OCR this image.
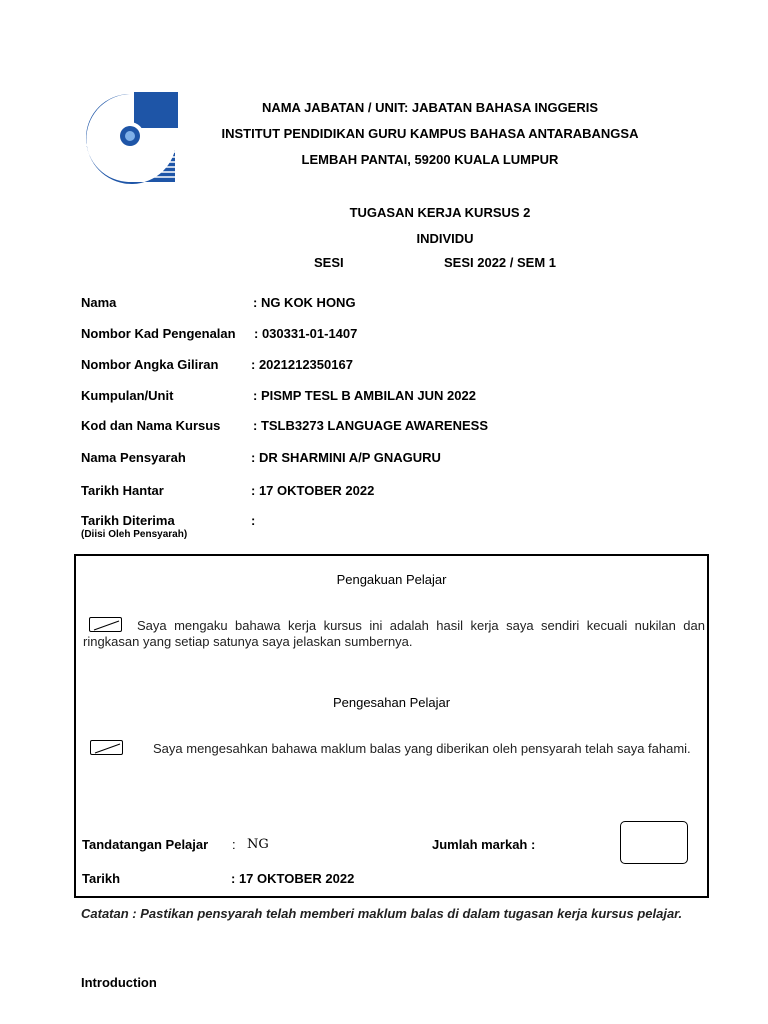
iPG
NAMA JABATAN / UNIT: JABATAN BAHASA INGGERIS
INSTITUT PENDIDIKAN GURU KAMPUS BAHASA ANTARABANGSA
LEMBAH PANTAI, 59200 KUALA LUMPUR
TUGASAN KERJA KURSUS 2
INDIVIDU
SESI	SESI 2022 / SEM 1
Nama	: NG KOK HONG
Nombor Kad Pengenalan : 030331-01-1407
Nombor Angka Giliran	: 2021212350167
Kumpulan/Unit	: PISMP TESL B AMBILAN JUN 2022
Kod dan Nama Kursus	: TSLB3273 LANGUAGE AWARENESS
Nama Pensyarah	: DR SHARMINI A/P GNAGURU
Tarikh Hantar	: 17 OKTOBER 2022
Tarikh Diterima	:
(Diisi Oleh Pensyarah)
Pengakuan Pelajar
Saya mengaku bahawa kerja kursus ini adalah hasil kerja saya sendiri kecuali nukilan dan ringkasan yang setiap satunya saya jelaskan sumbernya.
Pengesahan Pelajar
Saya mengesahkan bahawa maklum balas yang diberikan oleh pensyarah telah saya fahami.
Tandatangan Pelajar : NG	Jumlah markah :
Tarikh	: 17 OKTOBER 2022
Catatan : Pastikan pensyarah telah memberi maklum balas di dalam tugasan kerja kursus pelajar.
Introduction
